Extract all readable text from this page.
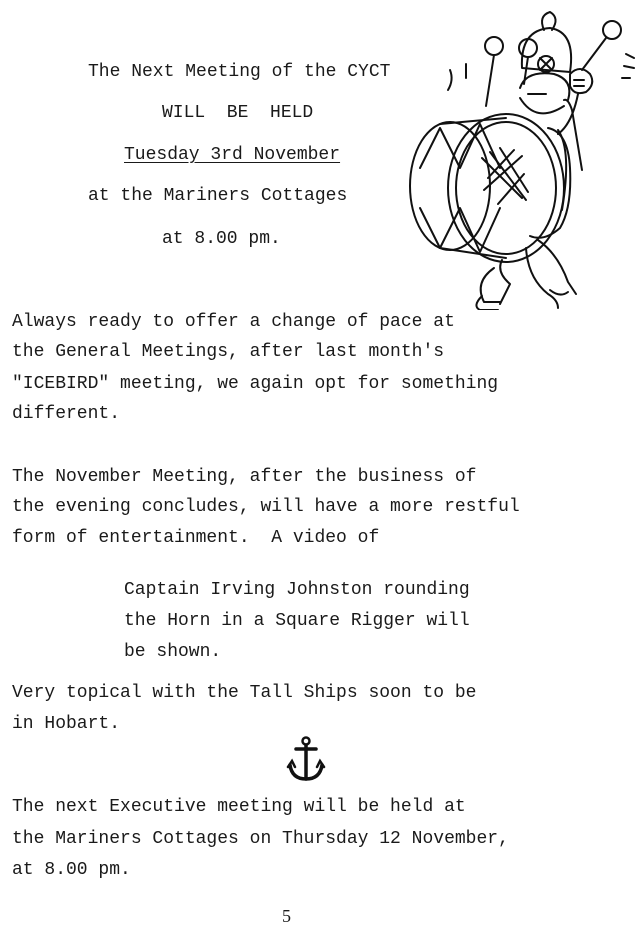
The Next Meeting of the CYCT
WILL  BE  HELD
Tuesday 3rd November
at the Mariners Cottages
at 8.00 pm.
Always ready to offer a change of pace at
the General Meetings, after last month's
"ICEBIRD" meeting, we again opt for something
different.
The November Meeting, after the business of
the evening concludes, will have a more restful
form of entertainment.  A video of
Captain Irving Johnston rounding
the Horn in a Square Rigger will
be shown.
Very topical with the Tall Ships soon to be
in Hobart.
The next Executive meeting will be held at
the Mariners Cottages on Thursday 12 November,
at 8.00 pm.
5
